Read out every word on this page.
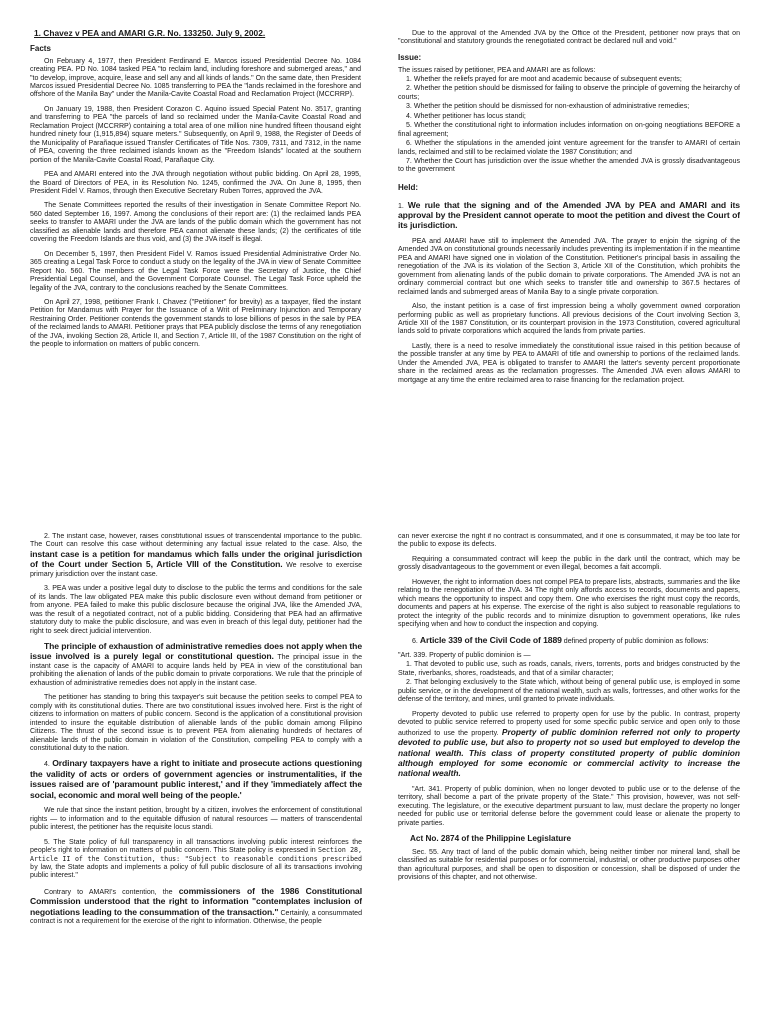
1. Chavez v PEA and AMARI G.R. No. 133250. July 9, 2002.
Facts

On February 4, 1977, then President Ferdinand E. Marcos issued Presidential Decree No. 1084 creating PEA. PD No. 1084 tasked PEA "to reclaim land, including foreshore and submerged areas," and "to develop, improve, acquire, lease and sell any and all kinds of lands." On the same date, then President Marcos issued Presidential Decree No. 1085 transferring to PEA the "lands reclaimed in the foreshore and offshore of the Manila Bay" under the Manila-Cavite Coastal Road and Reclamation Project (MCCRRP).

On January 19, 1988, then President Corazon C. Aquino issued Special Patent No. 3517, granting and transferring to PEA "the parcels of land so reclaimed under the Manila-Cavite Coastal Road and Reclamation Project (MCCRRP) containing a total area of one million nine hundred fifteen thousand eight hundred ninety four (1,915,894) square meters." Subsequently, on April 9, 1988, the Register of Deeds of the Municipality of Parañaque issued Transfer Certificates of Title Nos. 7309, 7311, and 7312, in the name of PEA, covering the three reclaimed islands known as the "Freedom Islands" located at the southern portion of the Manila-Cavite Coastal Road, Parañaque City.

PEA and AMARI entered into the JVA through negotiation without public bidding. On April 28, 1995, the Board of Directors of PEA, in its Resolution No. 1245, confirmed the JVA. On June 8, 1995, then President Fidel V. Ramos, through then Executive Secretary Ruben Torres, approved the JVA.

The Senate Committees reported the results of their investigation in Senate Committee Report No. 560 dated September 16, 1997. Among the conclusions of their report are: (1) the reclaimed lands PEA seeks to transfer to AMARI under the JVA are lands of the public domain which the government has not classified as alienable lands and therefore PEA cannot alienate these lands; (2) the certificates of title covering the Freedom Islands are thus void, and (3) the JVA itself is illegal.

On December 5, 1997, then President Fidel V. Ramos issued Presidential Administrative Order No. 365 creating a Legal Task Force to conduct a study on the legality of the JVA in view of Senate Committee Report No. 560. The members of the Legal Task Force were the Secretary of Justice, the Chief Presidential Legal Counsel, and the Government Corporate Counsel. The Legal Task Force upheld the legality of the JVA, contrary to the conclusions reached by the Senate Committees.

On April 27, 1998, petitioner Frank I. Chavez ("Petitioner" for brevity) as a taxpayer, filed the instant Petition for Mandamus with Prayer for the Issuance of a Writ of Preliminary Injunction and Temporary Restraining Order. Petitioner contends the government stands to lose billions of pesos in the sale by PEA of the reclaimed lands to AMARI. Petitioner prays that PEA publicly disclose the terms of any renegotiation of the JVA, invoking Section 28, Article II, and Section 7, Article III, of the 1987 Constitution on the right of the people to information on matters of public concern.

Due to the approval of the Amended JVA by the Office of the President, petitioner now prays that on "constitutional and statutory grounds the renegotiated contract be declared null and void."

Issue:

The issues raised by petitioner, PEA and AMARI are as follows:

1. Whether the reliefs prayed for are moot and academic because of subsequent events;

2. Whether the petition should be dismissed for failing to observe the principle of governing the heirarchy of courts;

3. Whether the petition should be dismissed for non-exhaustion of administrative remedies;

4. Whether petitioner has locus standi;

5. Whether the constitutional right to information includes information on on-going neogtiations BEFORE a final agreement;

6. Whether the stipulations in the amended joint venture agreement for the transfer to AMARI of certain lands, reclaimed and still to be reclaimed violate the 1987 Constitution; and

7. Whether the Court has jurisdiction over the issue whether the amended JVA is grossly disadvantageous to the government

Held:

1. We rule that the signing and of the Amended JVA by PEA and AMARI and its approval by the President cannot operate to moot the petition and divest the Court of its jurisdiction.

PEA and AMARI have still to implement the Amended JVA. The prayer to enjoin the signing of the Amended JVA on constitutional grounds necessarily includes preventing its implementation if in the meantime PEA and AMARI have signed one in violation of the Constitution. Petitioner's principal basis in assailing the renegotiation of the JVA is its violation of the Section 3, Article XII of the Constitution, which prohibits the government from alienating lands of the public domain to private corporations. The Amended JVA is not an ordinary commercial contract but one which seeks to transfer title and ownership to 367.5 hectares of reclaimed lands and submerged areas of Manila Bay to a single private corporation.

Also, the instant petition is a case of first impression being a wholly government owned corporation performing public as well as proprietary functions. All previous decisions of the Court involving Section 3, Article XII of the 1987 Constitution, or its counterpart provision in the 1973 Constitution, covered agricultural lands sold to private corporations which acquired the lands from private parties.

Lastly, there is a need to resolve immediately the constitutional issue raised in this petition because of the possible transfer at any time by PEA to AMARI of title and ownership to portions of the reclaimed lands. Under the Amended JVA, PEA is obligated to transfer to AMARI the latter's seventy percent proportionate share in the reclaimed areas as the reclamation progresses. The Amended JVA even allows AMARI to mortgage at any time the entire reclaimed area to raise financing for the reclamation project.

2. The instant case, however, raises constitutional issues of transcendental importance to the public. The Court can resolve this case without determining any factual issue related to the case. Also, the instant case is a petition for mandamus which falls under the original jurisdiction of the Court under Section 5, Article VIII of the Constitution. We resolve to exercise primary jurisdiction over the instant case.

3. PEA was under a positive legal duty to disclose to the public the terms and conditions for the sale of its lands. The law obligated PEA make this public disclosure even without demand from petitioner or from anyone. PEA failed to make this public disclosure because the original JVA, like the Amended JVA, was the result of a negotiated contract, not of a public bidding. Considering that PEA had an affirmative statutory duty to make the public disclosure, and was even in breach of this legal duty, petitioner had the right to seek direct judicial intervention.

The principle of exhaustion of administrative remedies does not apply when the issue involved is a purely legal or constitutional question. The principal issue in the instant case is the capacity of AMARI to acquire lands held by PEA in view of the constitutional ban prohibiting the alienation of lands of the public domain to private corporations. We rule that the principle of exhaustion of administrative remedies does not apply in the instant case.

The petitioner has standing to bring this taxpayer's suit because the petition seeks to compel PEA to comply with its constitutional duties. There are two constitutional issues involved here. First is the right of citizens to information on matters of public concern. Second is the application of a constitutional provision intended to insure the equitable distribution of alienable lands of the public domain among Filipino Citizens. The thrust of the second issue is to prevent PEA from alienating hundreds of hectares of alienable lands of the public domain in violation of the Constitution, compelling PEA to comply with a constitutional duty to the nation.

4. Ordinary taxpayers have a right to initiate and prosecute actions questioning the validity of acts or orders of government agencies or instrumentalities, if the issues raised are of 'paramount public interest,' and if they 'immediately affect the social, economic and moral well being of the people.'

We rule that since the instant petition, brought by a citizen, involves the enforcement of constitutional rights — to information and to the equitable diffusion of natural resources — matters of transcendental public interest, the petitioner has the requisite locus standi.

5. The State policy of full transparency in all transactions involving public interest reinforces the people's right to information on matters of public concern. This State policy is expressed in Section 28, Article II of the Constitution, thus: "Subject to reasonable conditions prescribed by law, the State adopts and implements a policy of full public disclosure of all its transactions involving public interest."

Contrary to AMARI's contention, the commissioners of the 1986 Constitutional Commission understood that the right to information "contemplates inclusion of negotiations leading to the consummation of the transaction." Certainly, a consummated contract is not a requirement for the exercise of the right to information. Otherwise, the people

can never exercise the right if no contract is consummated, and if one is consummated, it may be too late for the public to expose its defects.

Requiring a consummated contract will keep the public in the dark until the contract, which may be grossly disadvantageous to the government or even illegal, becomes a fait accompli.

However, the right to information does not compel PEA to prepare lists, abstracts, summaries and the like relating to the renegotiation of the JVA. 34 The right only affords access to records, documents and papers, which means the opportunity to inspect and copy them. One who exercises the right must copy the records, documents and papers at his expense. The exercise of the right is also subject to reasonable regulations to protect the integrity of the public records and to minimize disruption to government operations, like rules specifying when and how to conduct the inspection and copying.

6. Article 339 of the Civil Code of 1889 defined property of public dominion as follows:

"Art. 339. Property of public dominion is —

1. That devoted to public use, such as roads, canals, rivers, torrents, ports and bridges constructed by the State, riverbanks, shores, roadsteads, and that of a similar character;

2. That belonging exclusively to the State which, without being of general public use, is employed in some public service, or in the development of the national wealth, such as walls, fortresses, and other works for the defense of the territory, and mines, until granted to private individuals.

Property devoted to public use referred to property open for use by the public. In contrast, property devoted to public service referred to property used for some specific public service and open only to those authorized to use the property. Property of public dominion referred not only to property devoted to public use, but also to property not so used but employed to develop the national wealth. This class of property constituted property of public dominion although employed for some economic or commercial activity to increase the national wealth.

"Art. 341. Property of public dominion, when no longer devoted to public use or to the defense of the territory, shall become a part of the private property of the State." This provision, however, was not self-executing. The legislature, or the executive department pursuant to law, must declare the property no longer needed for public use or territorial defense before the government could lease or alienate the property to private parties.

Act No. 2874 of the Philippine Legislature

Sec. 55. Any tract of land of the public domain which, being neither timber nor mineral land, shall be classified as suitable for residential purposes or for commercial, industrial, or other productive purposes other than agricultural purposes, and shall be open to disposition or concession, shall be disposed of under the provisions of this chapter, and not otherwise.
